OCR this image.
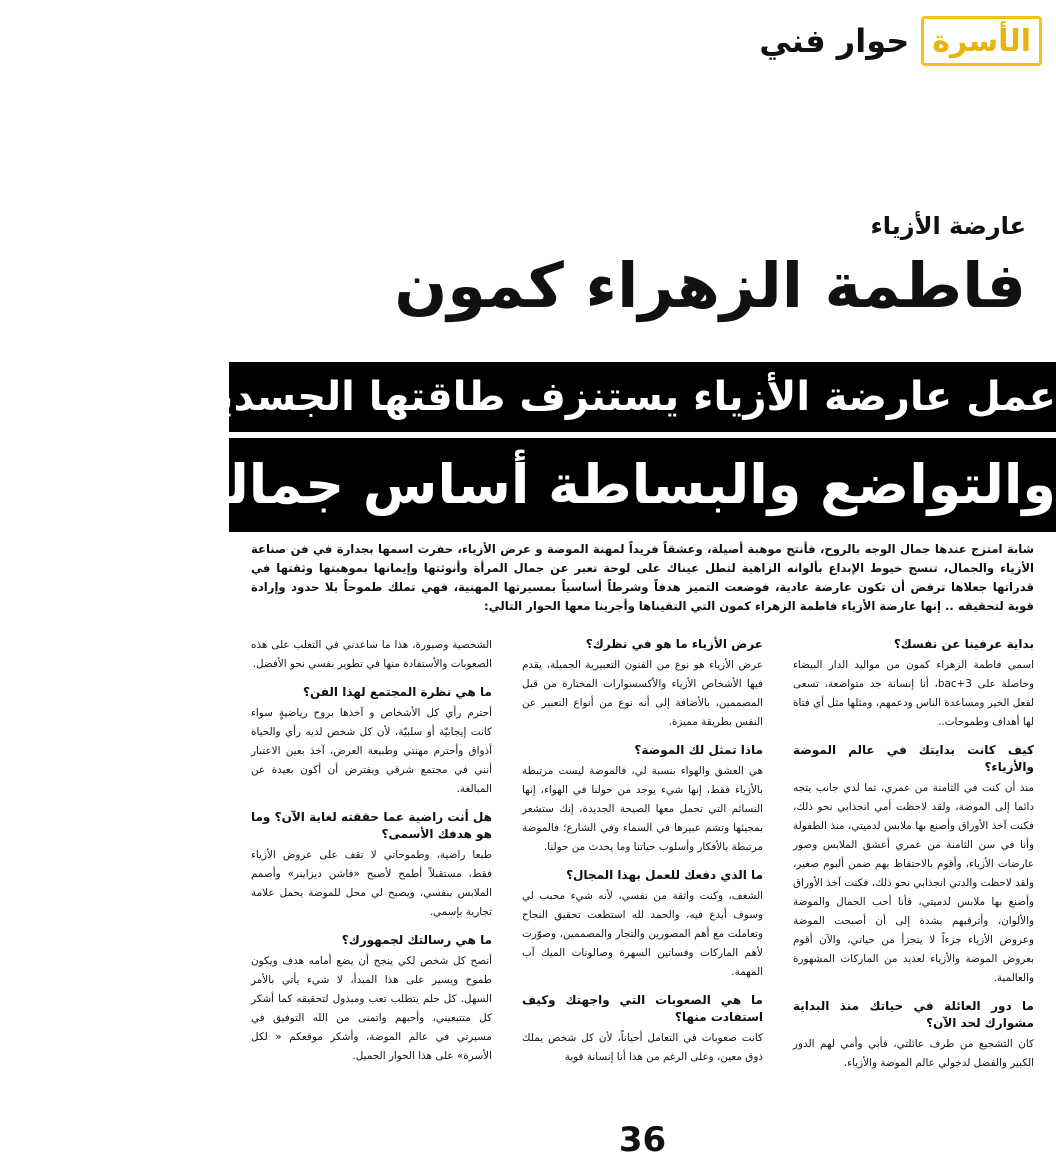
الأسرة
حوار فني
عارضة الأزياء
فاطمة الزهراء كمون
عمل عارضة الأزياء يستنزف طاقتها الجسدية والنفسية
والتواضع والبساطة أساس جمالها
شابة امتزج عندها جمال الوجه بالروح، فأنتج موهبة أصيلة، وعشقاً فريداً لمهنة الموضة و عرض الأزياء، حفرت اسمها بجدارة في فن صناعة الأزياء والجمال، تنسج خيوط الإبداع بألوانه الزاهية لتطل عيناك على لوحة تعبر عن جمال المرأة وأنوثتها وإيمانها بموهبتها وثقتها في قدراتها جعلاها ترفض أن تكون عارضة عادية، فوضعت التميز هدفاً وشرطاً أساسياً بمسيرتها المهنية، فهي تملك طموحاً بلا حدود وإرادة قوية لتحقيقه .. إنها عارضة الأزياء فاطمة الزهراء كمون التي التقيناها وأجرينا معها الحوار التالي:
بداية عرفينا عن نفسك؟

اسمي فاطمة الزهراء كمون من مواليد الدار البيضاء وحاصلة على bac+3، أنا إنسانة جد متواضعة، تسعى لفعل الخير ومساعدة الناس ودعمهم، ومثلها مثل أي فتاة لها أهداف وطموحات..

كيف كانت بدايتك في عالم الموضة والأزياء؟

منذ أن كنت في الثامنة من عمري، ثما لدي جانب يتجه دائما إلى الموضة، ولقد لاحظت أمي انجذابي نحو ذلك، فكنت آخذ الأوراق وأصنع بها ملابس لدميتي، منذ الطفولة وأنا في سن الثامنة من عمري أعشق الملابس وصور عارضات الأزياء، وأقوم بالاحتفاظ بهم ضمن ألبوم صغير، ولقد لاحظت والدتي انجذابي نحو ذلك، فكنت آخذ الأوراق وأصنع بها ملابس لدميتي، فأنا أحب الجمال والموضة والألوان، وأترقبهم بشدة إلى أن أصبحت الموضة وعروض الأزياء جزءاً لا يتجزأ من حياتي، والآن أقوم بعروض الموضة والأزياء لعديد من الماركات المشهورة والعالمية.

ما دور العائلة في حياتك منذ البداية مشوارك لحد الآن؟

كان التشجيع من طرف عائلتي، فأبي وأمي لهم الدور الكبير والفضل لدخولي عالم الموضة والأزياء.

عرض الأزياء ما هو في نظرك؟

عرض الأزياء هو نوع من الفنون التعبيرية الجميلة، يقدم فيها الأشخاص الأزياء والأكسسوارات المختارة من قبل المصممين، بالأضافة إلى أنه نوع من أنواع التعبير عن النفس بطريقة مميزة.

ماذا تمثل لك الموضة؟

هي العشق والهواء بنسبة لي، فالموضة ليست مرتبطة بالأزياء فقط، إنها شيء يوجد من حولنا في الهواء، إنها النسائم التي تحمل معها الصيحة الجديدة، إنك ستشعر بمجيئها وتشم عبيرها في السماء وفي الشارع؛ فالموضة مرتبطة بالأفكار وأسلوب حياتنا وما يحدث من حولنا.

ما الذي دفعك للعمل بهذا المجال؟

الشغف، وكنت واثقة من نفسي، لأنه شيء محبب لي وسوف أبدع فيه، والحمد لله استطعت تحقيق النجاح وتعاملت مع أهم المصورين والتجار والمصممين، وصوّرت لأهم الماركات وفساتين السهرة وصالونات الميك آب المهمة.

ما هي الصعوبات التي واجهتك وكيف استفادت منها؟

كانت صعوبات في التعامل أحياناً، لأن كل شخص يملك ذوق معين، وعلى الرغم من هذا أنا إنسانة قوية

الشخصية وصبورة، هذا ما ساعدني في التغلب على هذه الصعوبات والأستفادة منها في تطوير نفسي نحو الأفضل.

ما هي نظرة المجتمع لهذا الفن؟

أحترم رأي كل الأشخاص و آخذها بروح رياضيةٍ سواء كانت إيجابيّة أو سلبيّة، لأن كل شخص لديه رأي والحياة أذواق وأحترم مهنتي وطبيعة العرض، آخذ بعين الاعتبار أنني في مجتمع شرقي ويفترض أن أكون بعيدة عن المبالغة.

هل أنت راضية عما حققته لغاية الآن؟ وما هو هدفك الأسمى؟

طبعا راضية، وطموحاتي لا تقف على عروض الأزياء فقط، مستقبلاً أطمح لأصبح «فاشن ديزاينر» وأصمم الملابس بنفسي، ويصبح لي محل للموضة يحمل علامة تجارية بإسمي.

ما هي رسالتك لجمهورك؟

أنصح كل شخص لكي ينجح أن يضع أمامه هدف ويكون طموح ويسير على هذا المبدأ، لا شيء يأتي بالأمر السهل. كل حلم يتطلب تعب ومبذول لتحقيقه كما أشكر كل متتبعيني، وأحبهم واتمنى من الله التوفيق في مسيرتي في عالم الموضة، وأشكر موقعكم « لكل الأسرة» على هذا الحوار الجميل.

36
